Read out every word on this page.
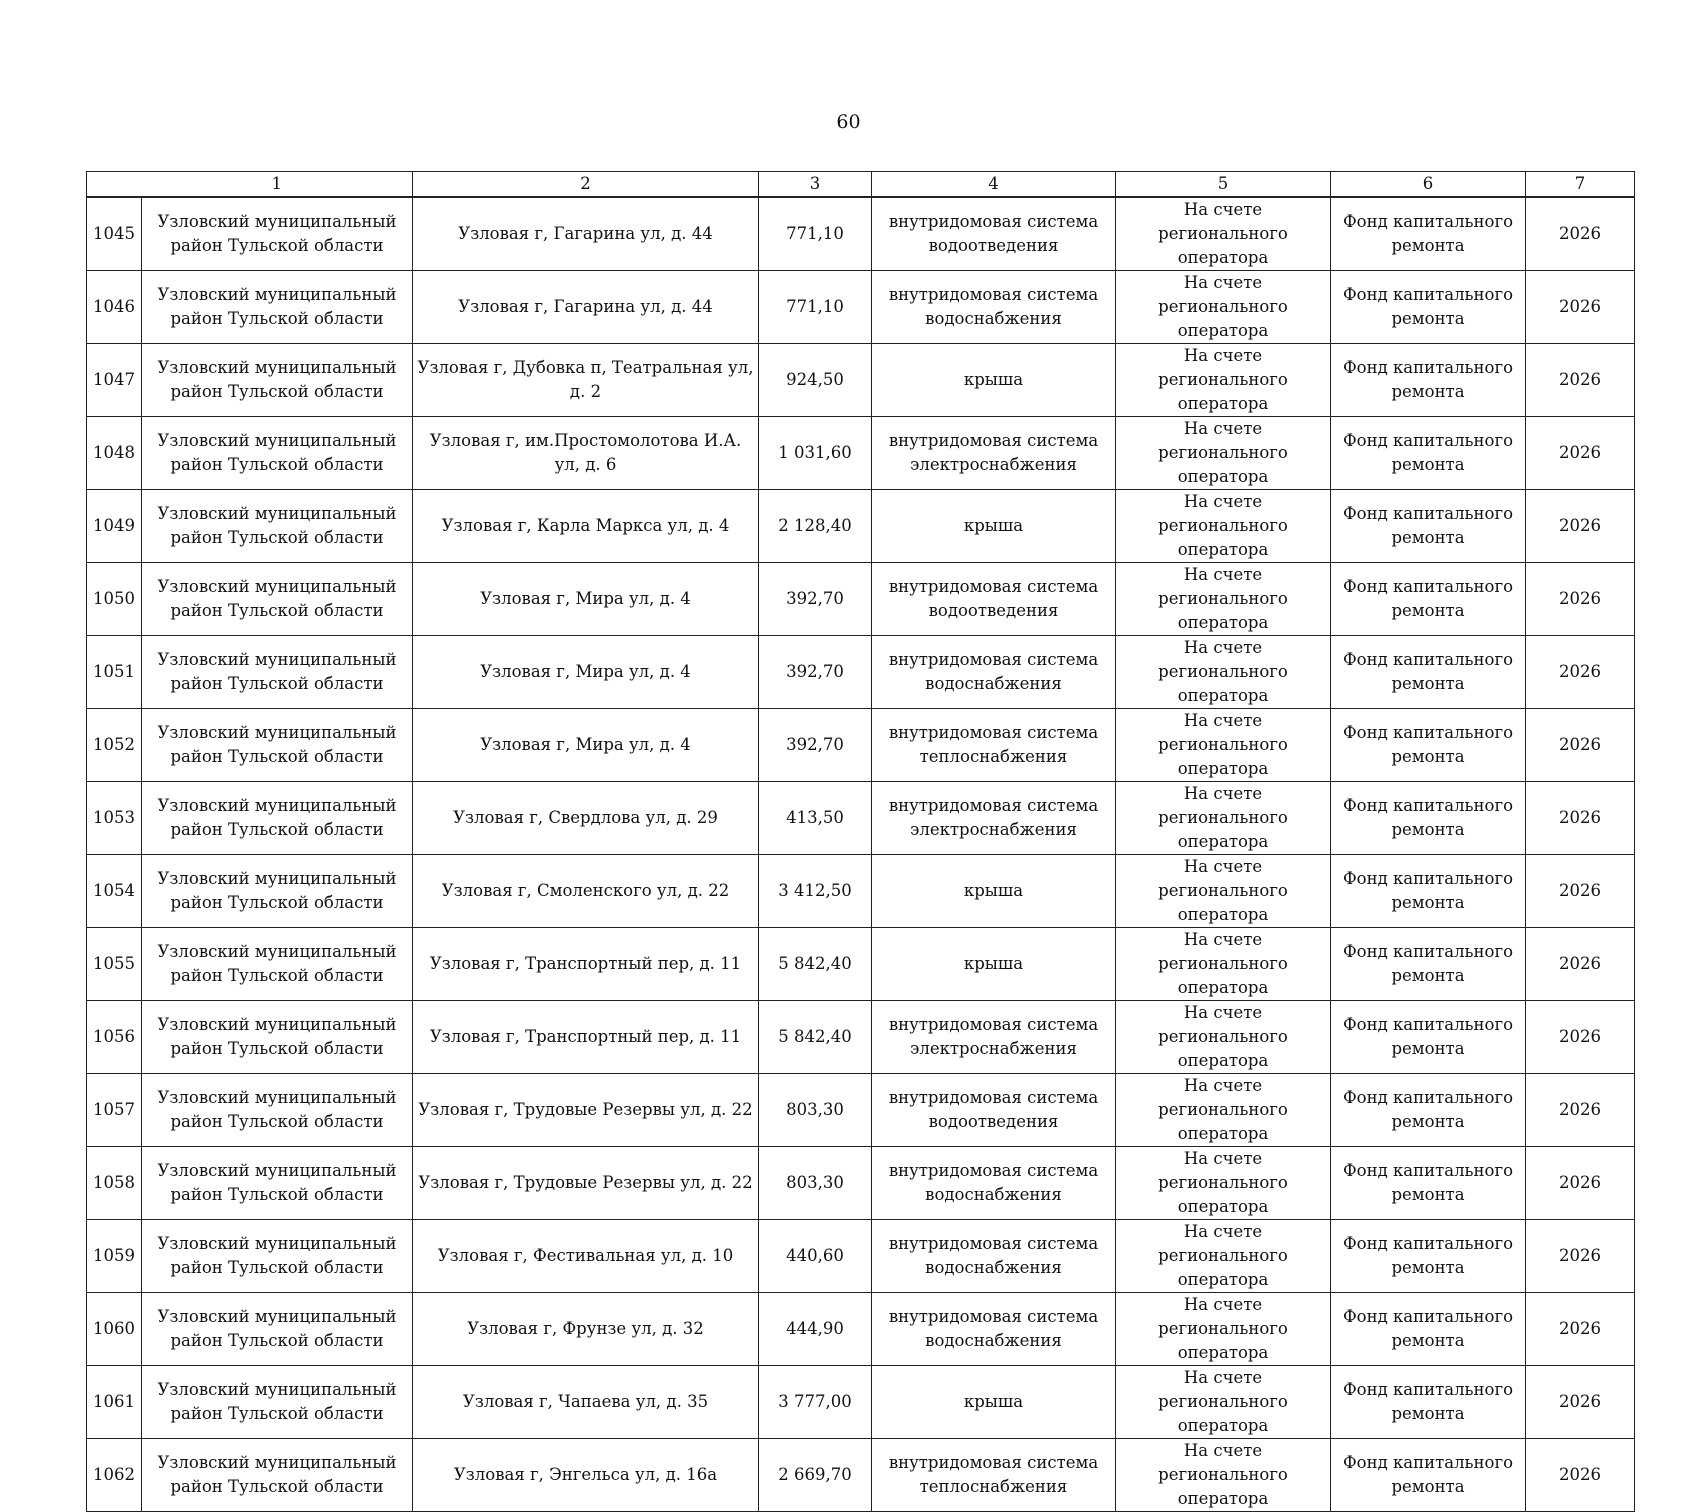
60
	1	2	3	4	5	6	7
1045	Узловский муниципальный район Тульской области	Узловая г, Гагарина ул, д. 44	771,10	внутридомовая система водоотведения	На счете регионального оператора	Фонд капитального ремонта	2026
1046	Узловский муниципальный район Тульской области	Узловая г, Гагарина ул, д. 44	771,10	внутридомовая система водоснабжения	На счете регионального оператора	Фонд капитального ремонта	2026
1047	Узловский муниципальный район Тульской области	Узловая г, Дубовка п, Театральная ул, д. 2	924,50	крыша	На счете регионального оператора	Фонд капитального ремонта	2026
1048	Узловский муниципальный район Тульской области	Узловая г, им.Простомолотова И.А. ул, д. 6	1 031,60	внутридомовая система электроснабжения	На счете регионального оператора	Фонд капитального ремонта	2026
1049	Узловский муниципальный район Тульской области	Узловая г, Карла Маркса ул, д. 4	2 128,40	крыша	На счете регионального оператора	Фонд капитального ремонта	2026
1050	Узловский муниципальный район Тульской области	Узловая г, Мира ул, д. 4	392,70	внутридомовая система водоотведения	На счете регионального оператора	Фонд капитального ремонта	2026
1051	Узловский муниципальный район Тульской области	Узловая г, Мира ул, д. 4	392,70	внутридомовая система водоснабжения	На счете регионального оператора	Фонд капитального ремонта	2026
1052	Узловский муниципальный район Тульской области	Узловая г, Мира ул, д. 4	392,70	внутридомовая система теплоснабжения	На счете регионального оператора	Фонд капитального ремонта	2026
1053	Узловский муниципальный район Тульской области	Узловая г, Свердлова ул, д. 29	413,50	внутридомовая система электроснабжения	На счете регионального оператора	Фонд капитального ремонта	2026
1054	Узловский муниципальный район Тульской области	Узловая г, Смоленского ул, д. 22	3 412,50	крыша	На счете регионального оператора	Фонд капитального ремонта	2026
1055	Узловский муниципальный район Тульской области	Узловая г, Транспортный пер, д. 11	5 842,40	крыша	На счете регионального оператора	Фонд капитального ремонта	2026
1056	Узловский муниципальный район Тульской области	Узловая г, Транспортный пер, д. 11	5 842,40	внутридомовая система электроснабжения	На счете регионального оператора	Фонд капитального ремонта	2026
1057	Узловский муниципальный район Тульской области	Узловая г, Трудовые Резервы ул, д. 22	803,30	внутридомовая система водоотведения	На счете регионального оператора	Фонд капитального ремонта	2026
1058	Узловский муниципальный район Тульской области	Узловая г, Трудовые Резервы ул, д. 22	803,30	внутридомовая система водоснабжения	На счете регионального оператора	Фонд капитального ремонта	2026
1059	Узловский муниципальный район Тульской области	Узловая г, Фестивальная ул, д. 10	440,60	внутридомовая система водоснабжения	На счете регионального оператора	Фонд капитального ремонта	2026
1060	Узловский муниципальный район Тульской области	Узловая г, Фрунзе ул, д. 32	444,90	внутридомовая система водоснабжения	На счете регионального оператора	Фонд капитального ремонта	2026
1061	Узловский муниципальный район Тульской области	Узловая г, Чапаева ул, д. 35	3 777,00	крыша	На счете регионального оператора	Фонд капитального ремонта	2026
1062	Узловский муниципальный район Тульской области	Узловая г, Энгельса ул, д. 16а	2 669,70	внутридомовая система теплоснабжения	На счете регионального оператора	Фонд капитального ремонта	2026
